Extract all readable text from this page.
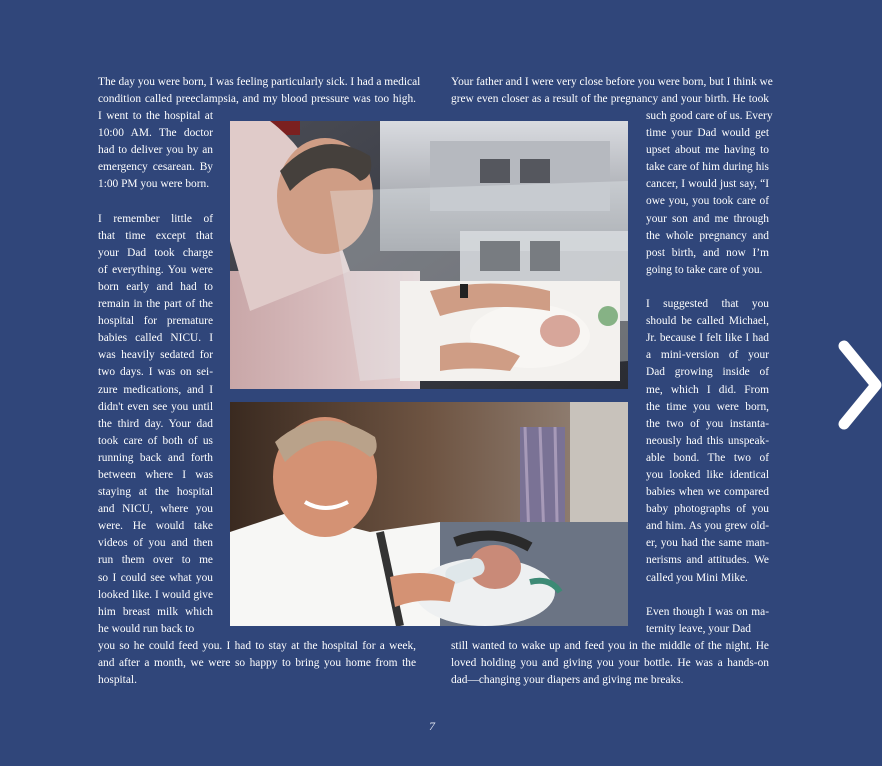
The day you were born, I was feeling particularly sick. I had a medical
condition called preeclampsia, and my blood pressure was too high.
I went to the hospital at
10:00 AM. The doctor
had to deliver you by an
emergency cesarean. By
1:00 PM you were born.

I remember little of
that time except that
your Dad took charge
of everything. You were
born early and had to
remain in the part of the
hospital for premature
babies called NICU. I
was heavily sedated for
two days. I was on sei-
zure medications, and I
didn't even see you until
the third day. Your dad
took care of both of us
running back and forth
between where I was
staying at the hospital
and NICU, where you
were. He would take
videos of you and then
run them over to me
so I could see what you
looked like. I would give
him breast milk which
he would run back to
you so he could feed you. I had to stay at the hospital for a week,
and after a month, we were so happy to bring you home from the
hospital.
Your father and I were very close before you were born, but I think we
grew even closer as a result of the pregnancy and your birth. He took
such good care of us. Every
time your Dad would get
upset about me having to
take care of him during his
cancer, I would just say, “I
owe you, you took care of
your son and me through
the whole pregnancy and
post birth, and now I’m
going to take care of you.

I suggested that you
should be called Michael,
Jr. because I felt like I had
a mini-version of your
Dad growing inside of
me, which I did. From
the time you were born,
the two of you instanta-
neously had this unspeak-
able bond. The two of
you looked like identical
babies when we compared
baby photographs of you
and him. As you grew old-
er, you had the same man-
nerisms and attitudes. We
called you Mini Mike.

Even though I was on ma-
ternity leave, your Dad
still wanted to wake up and feed you in the middle of the night. He
loved holding you and giving you your bottle. He was a hands-on
dad—changing your diapers and giving me breaks.
7
